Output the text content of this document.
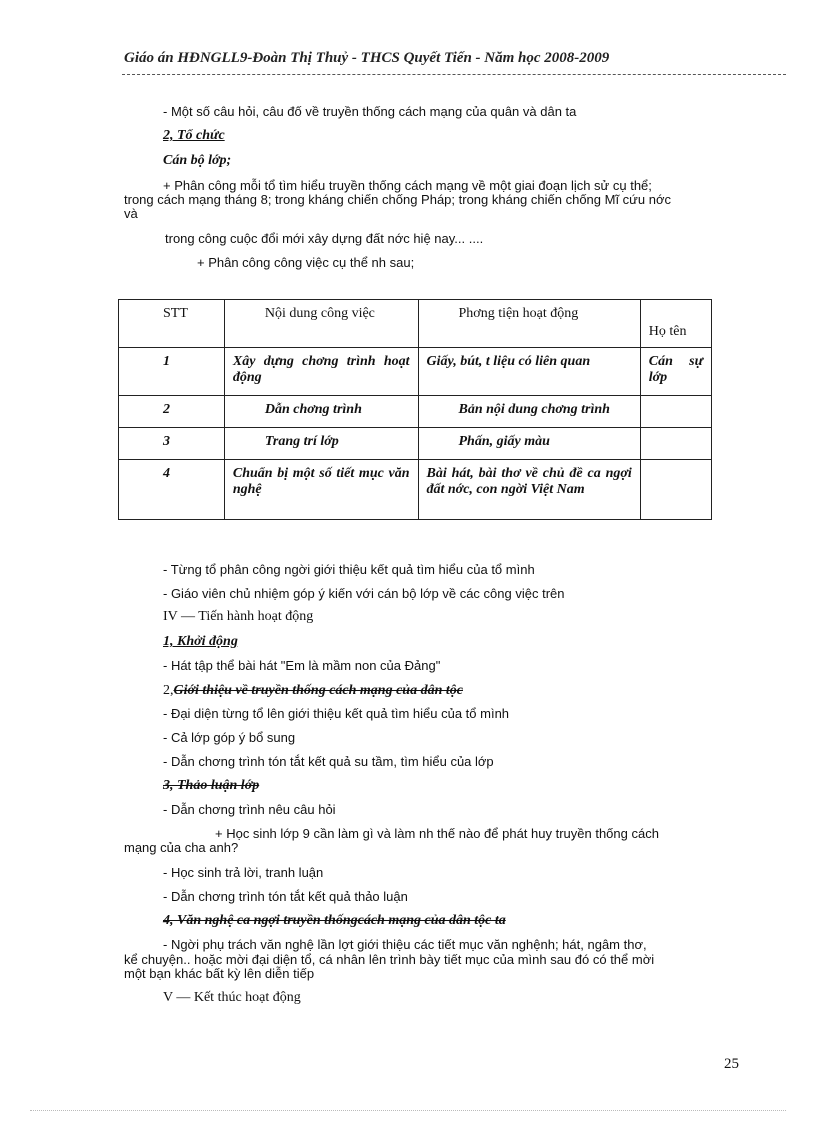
Giáo án HĐNGLL9-Đoàn Thị Thuỷ - THCS Quyết Tiến - Năm học 2008-2009
- Một số câu hỏi, câu đố về truyền thống cách mạng của quân và dân ta
2, Tổ chức
Cán bộ lớp;
+ Phân công mỗi tổ tìm hiểu truyền thống cách mạng về một giai đoạn lịch sử cụ thể;
trong cách mạng tháng 8; trong kháng chiến chống Pháp; trong kháng chiến chống Mĩ cứu nớc
và
trong công cuộc đổi mới xây dựng đất nớc hiệ nay... ....
+ Phân công công việc cụ thể nh sau;
STT	Nội dung công việc	Phơng tiện hoạt động	Họ tên
1	Xây dựng chơng trình hoạt động	Giấy, bút, t liệu có liên quan	Cán sự lớp
2	Dẫn chơng trình	Bản nội dung chơng trình	
3	Trang trí lớp	Phấn, giấy màu	
4	Chuẩn bị một số tiết mục văn nghệ	Bài hát, bài thơ về chủ đề ca ngợi đất nớc, con ngời Việt Nam	
- Từng tổ phân công ngời giới thiệu kết quả tìm hiểu của tổ mình
- Giáo viên chủ nhiệm góp ý kiến với cán bộ lớp về các công việc trên
IV — Tiến hành hoạt động
1, Khởi động
- Hát tập thể bài hát "Em là mầm non của Đảng"
2,Giới thiệu về truyền thống cách mạng của dân tộc
- Đại diện từng tổ lên giới thiệu kết quả tìm hiểu của tổ mình
- Cả lớp góp ý bổ sung
- Dẫn chơng trình tón tắt kết quả su tầm, tìm hiểu của lớp
3, Thảo luận lớp
- Dẫn chơng trình nêu câu hỏi
+ Học sinh lớp 9 cần làm gì và làm nh thế nào để phát huy truyền thống cách
mạng của cha anh?
- Học sinh trả lời, tranh luận
- Dẫn chơng trình tón tắt kết quả thảo luận
4, Văn nghệ ca ngợi truyền thốngcách mạng của dân tộc ta
- Ngời phụ trách văn nghệ lần lợt giới thiệu các tiết mục văn nghệnh; hát, ngâm thơ,
kể chuyện.. hoặc mời đại diện tổ, cá nhân lên trình bày tiết mục của mình sau đó có thể mời
một bạn khác bất kỳ lên diễn tiếp
V — Kết thúc hoạt động
25
